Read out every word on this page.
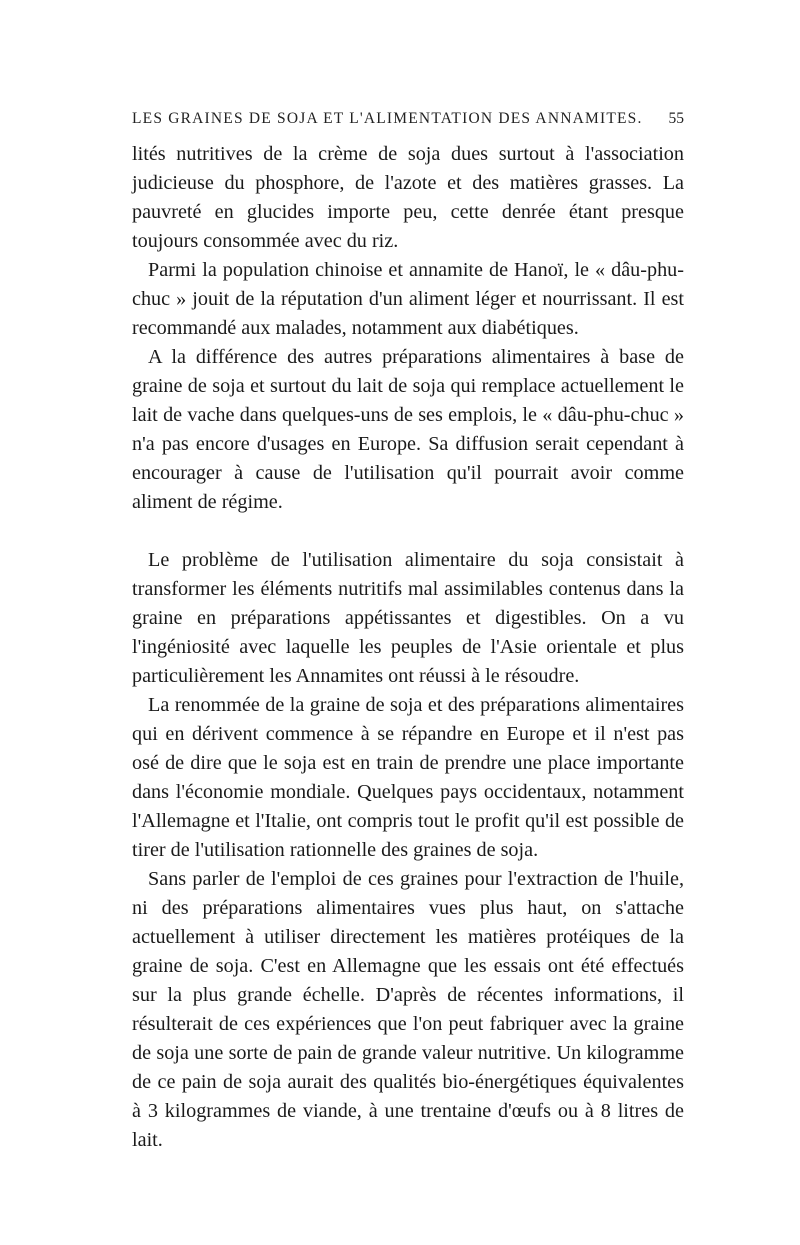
LES GRAINES DE SOJA ET L'ALIMENTATION DES ANNAMITES. 55

lités nutritives de la crème de soja dues surtout à l'association judicieuse du phosphore, de l'azote et des matières grasses. La pauvreté en glucides importe peu, cette denrée étant presque toujours consommée avec du riz.

Parmi la population chinoise et annamite de Hanoï, le « dâu-phu-chuc » jouit de la réputation d'un aliment léger et nourrissant. Il est recommandé aux malades, notamment aux diabétiques.

A la différence des autres préparations alimentaires à base de graine de soja et surtout du lait de soja qui remplace actuellement le lait de vache dans quelques-uns de ses emplois, le « dâu-phu-chuc » n'a pas encore d'usages en Europe. Sa diffusion serait cependant à encourager à cause de l'utilisation qu'il pourrait avoir comme aliment de régime.

Le problème de l'utilisation alimentaire du soja consistait à transformer les éléments nutritifs mal assimilables contenus dans la graine en préparations appétissantes et digestibles. On a vu l'ingéniosité avec laquelle les peuples de l'Asie orientale et plus particulièrement les Annamites ont réussi à le résoudre.

La renommée de la graine de soja et des préparations alimentaires qui en dérivent commence à se répandre en Europe et il n'est pas osé de dire que le soja est en train de prendre une place importante dans l'économie mondiale. Quelques pays occidentaux, notamment l'Allemagne et l'Italie, ont compris tout le profit qu'il est possible de tirer de l'utilisation rationnelle des graines de soja.

Sans parler de l'emploi de ces graines pour l'extraction de l'huile, ni des préparations alimentaires vues plus haut, on s'attache actuellement à utiliser directement les matières protéiques de la graine de soja. C'est en Allemagne que les essais ont été effectués sur la plus grande échelle. D'après de récentes informations, il résulterait de ces expériences que l'on peut fabriquer avec la graine de soja une sorte de pain de grande valeur nutritive. Un kilogramme de ce pain de soja aurait des qualités bio-énergétiques équivalentes à 3 kilogrammes de viande, à une trentaine d'œufs ou à 8 litres de lait.
